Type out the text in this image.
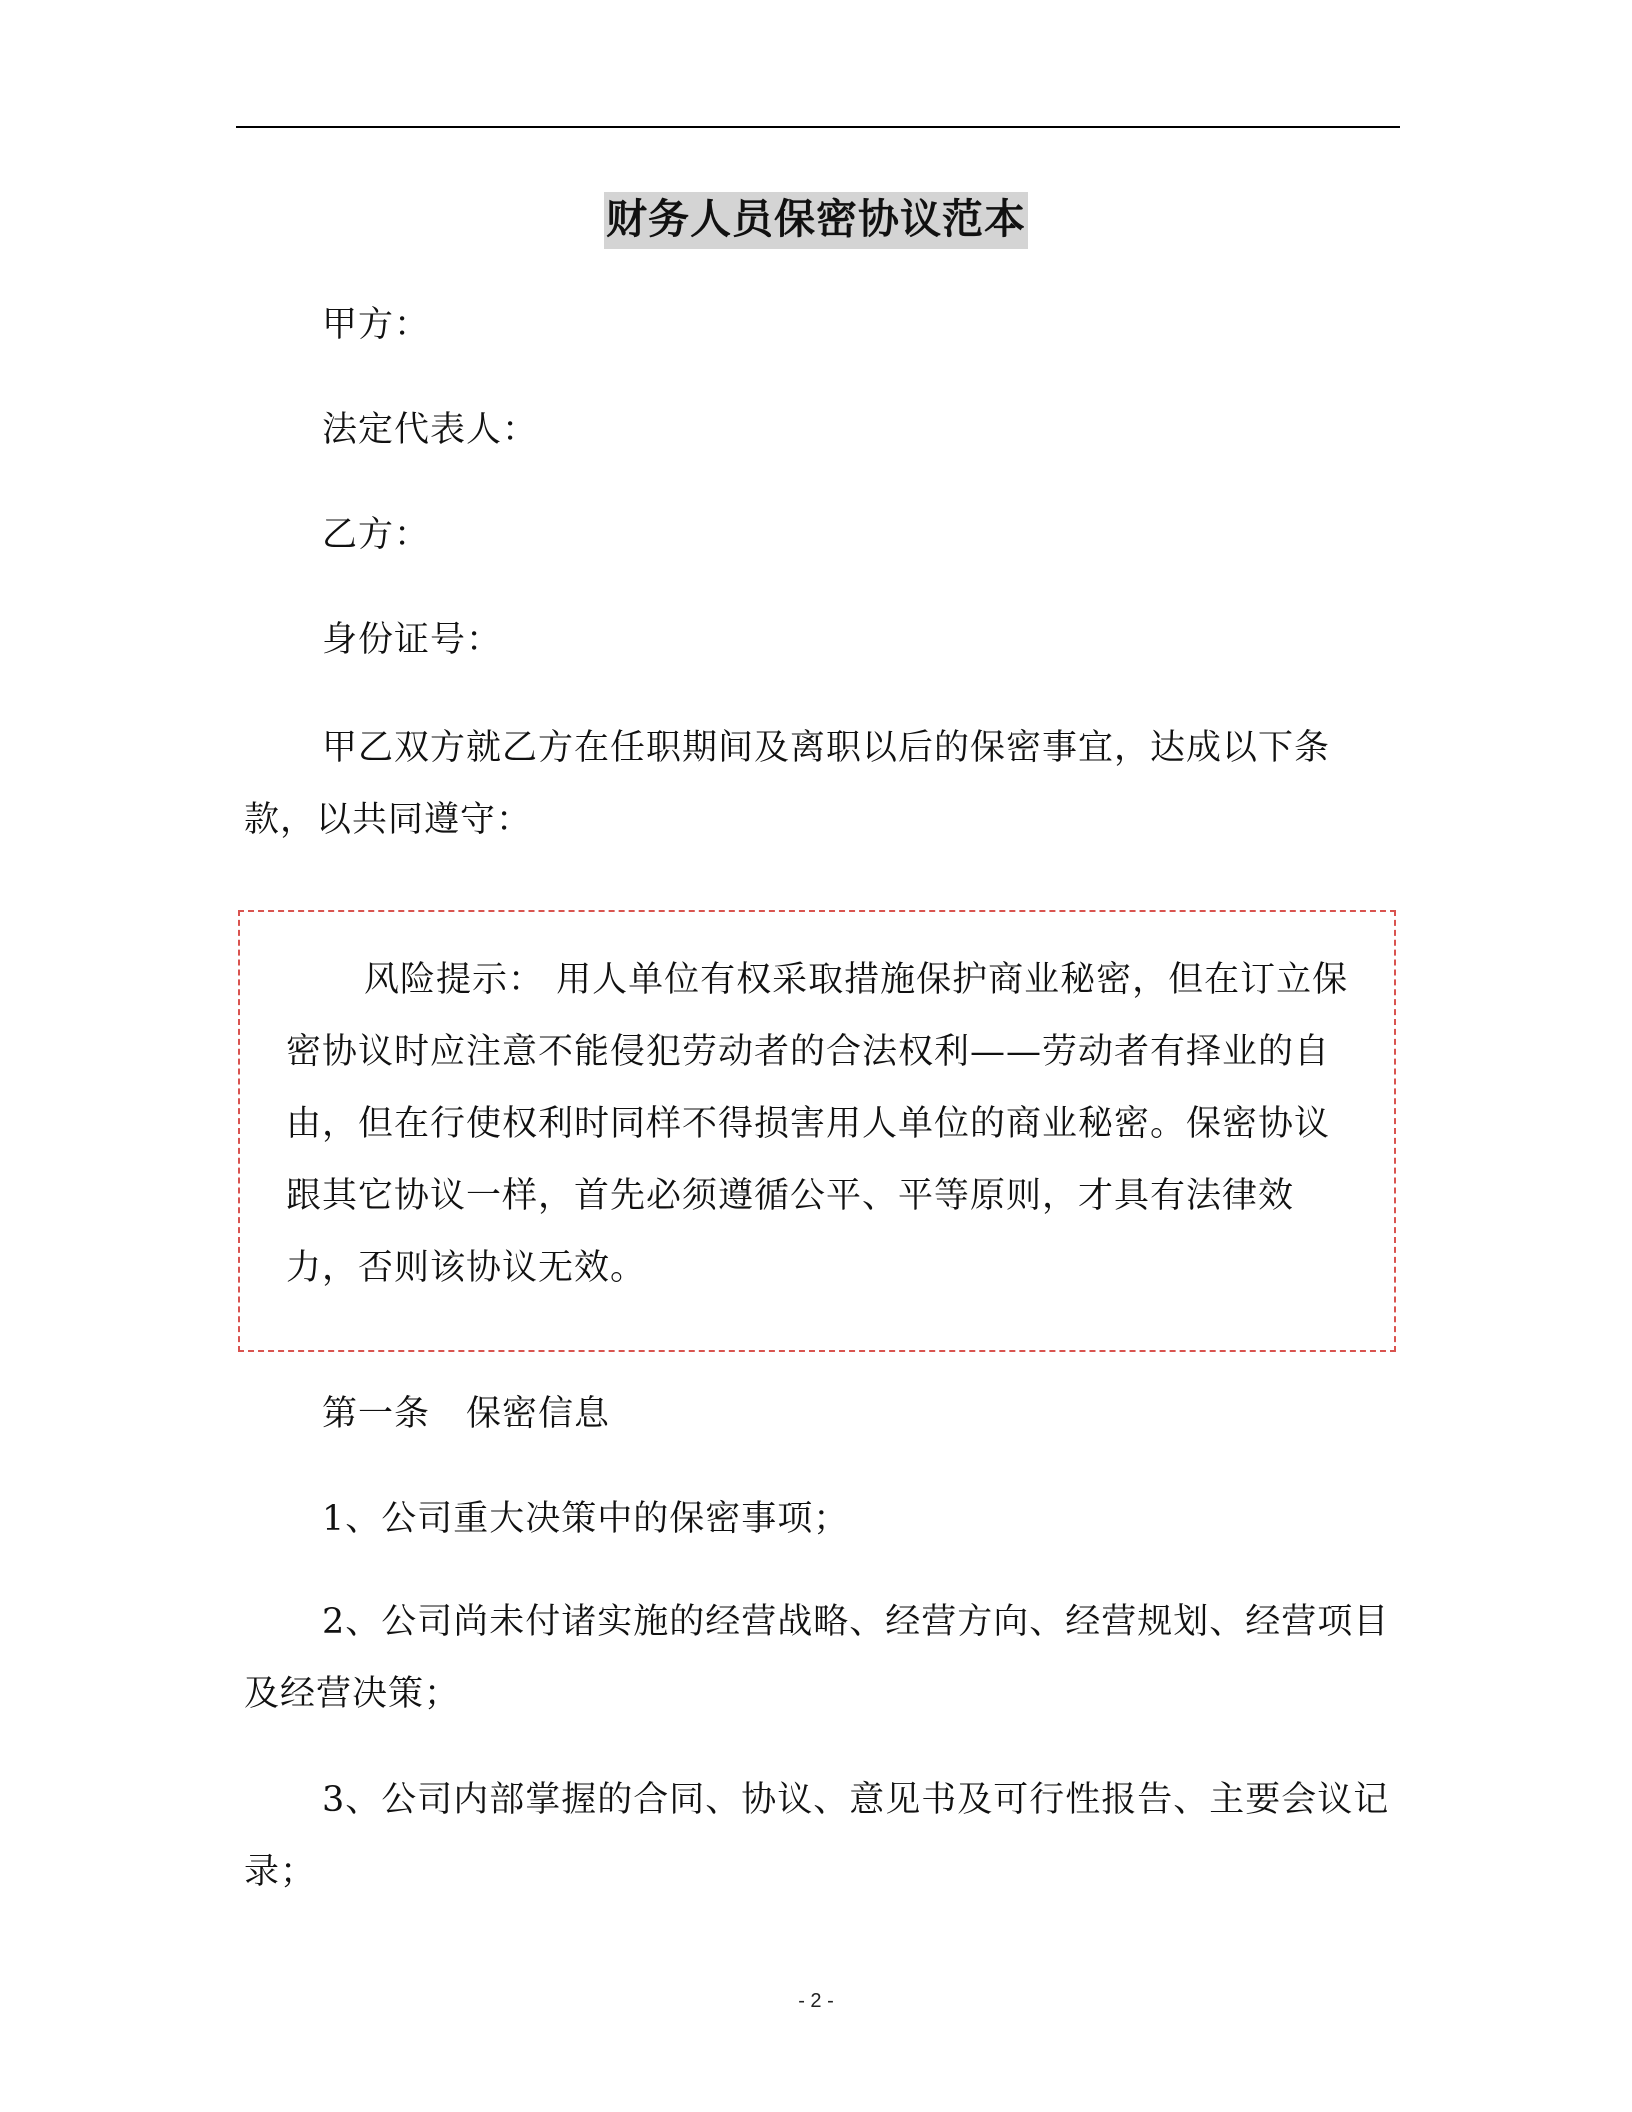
财务人员保密协议范本
甲方：
法定代表人：
乙方：
身份证号：
甲乙双方就乙方在任职期间及离职以后的保密事宜，达成以下条款，以共同遵守：
风险提示： 用人单位有权采取措施保护商业秘密，但在订立保密协议时应注意不能侵犯劳动者的合法权利——劳动者有择业的自由，但在行使权利时同样不得损害用人单位的商业秘密。保密协议跟其它协议一样，首先必须遵循公平、平等原则，才具有法律效力，否则该协议无效。
第一条　保密信息
1、公司重大决策中的保密事项；
2、公司尚未付诸实施的经营战略、经营方向、经营规划、经营项目及经营决策；
3、公司内部掌握的合同、协议、意见书及可行性报告、主要会议记录；
- 2 -
